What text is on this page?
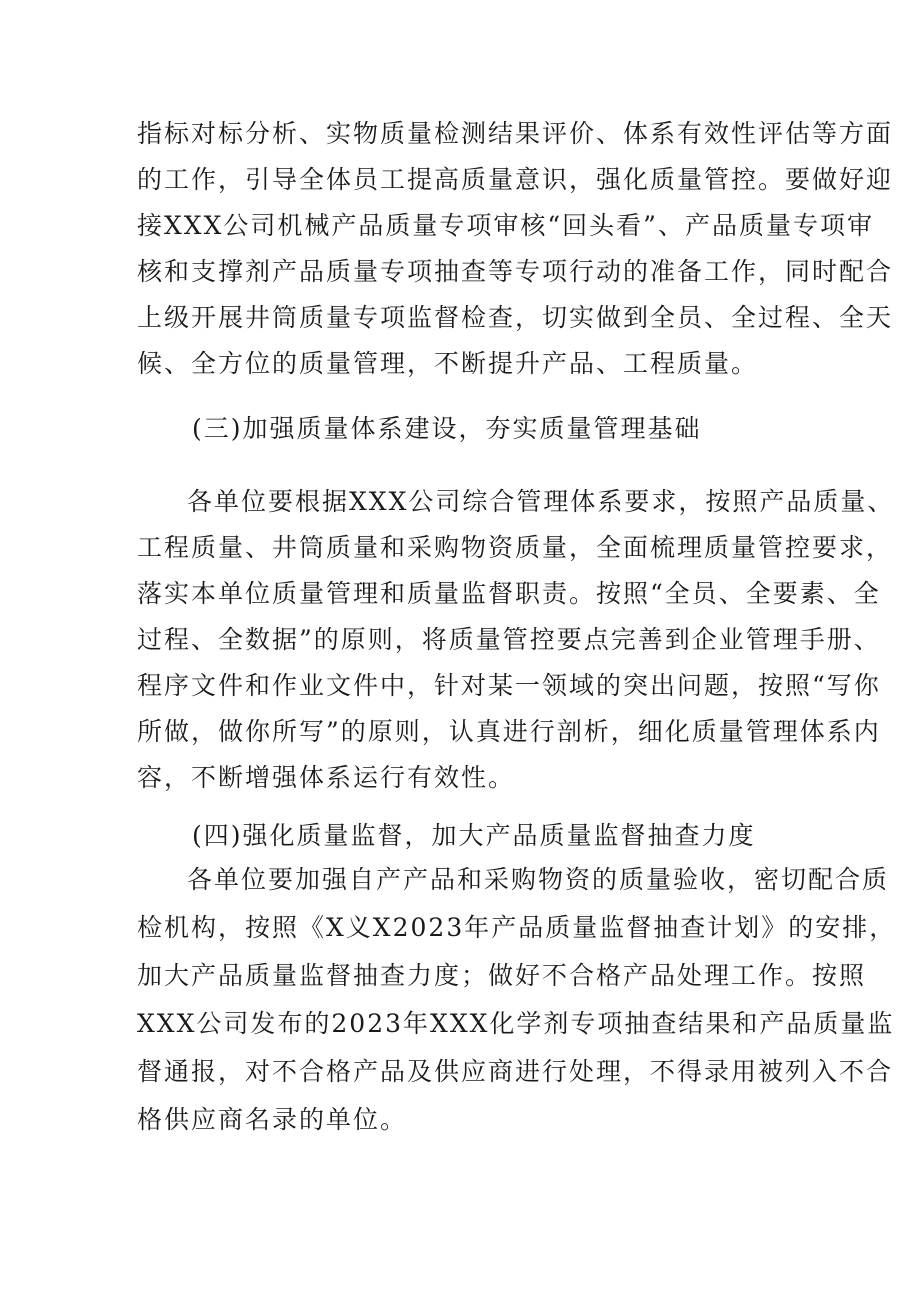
指标对标分析、实物质量检测结果评价、体系有效性评估等方面
的工作，引导全体员工提高质量意识，强化质量管控。要做好迎
接XXX公司机械产品质量专项审核“回头看”、产品质量专项审
核和支撑剂产品质量专项抽查等专项行动的准备工作，同时配合
上级开展井筒质量专项监督检查，切实做到全员、全过程、全天
候、全方位的质量管理，不断提升产品、工程质量。
(三)加强质量体系建设，夯实质量管理基础
各单位要根据XXX公司综合管理体系要求，按照产品质量、
工程质量、井筒质量和采购物资质量，全面梳理质量管控要求，
落实本单位质量管理和质量监督职责。按照“全员、全要素、全
过程、全数据”的原则，将质量管控要点完善到企业管理手册、
程序文件和作业文件中，针对某一领域的突出问题，按照“写你
所做，做你所写”的原则，认真进行剖析，细化质量管理体系内
容，不断增强体系运行有效性。
(四)强化质量监督，加大产品质量监督抽查力度
各单位要加强自产产品和采购物资的质量验收，密切配合质
检机构，按照《X义X2023年产品质量监督抽查计划》的安排，
加大产品质量监督抽查力度；做好不合格产品处理工作。按照
XXX公司发布的2023年XXX化学剂专项抽查结果和产品质量监
督通报，对不合格产品及供应商进行处理，不得录用被列入不合
格供应商名录的单位。
